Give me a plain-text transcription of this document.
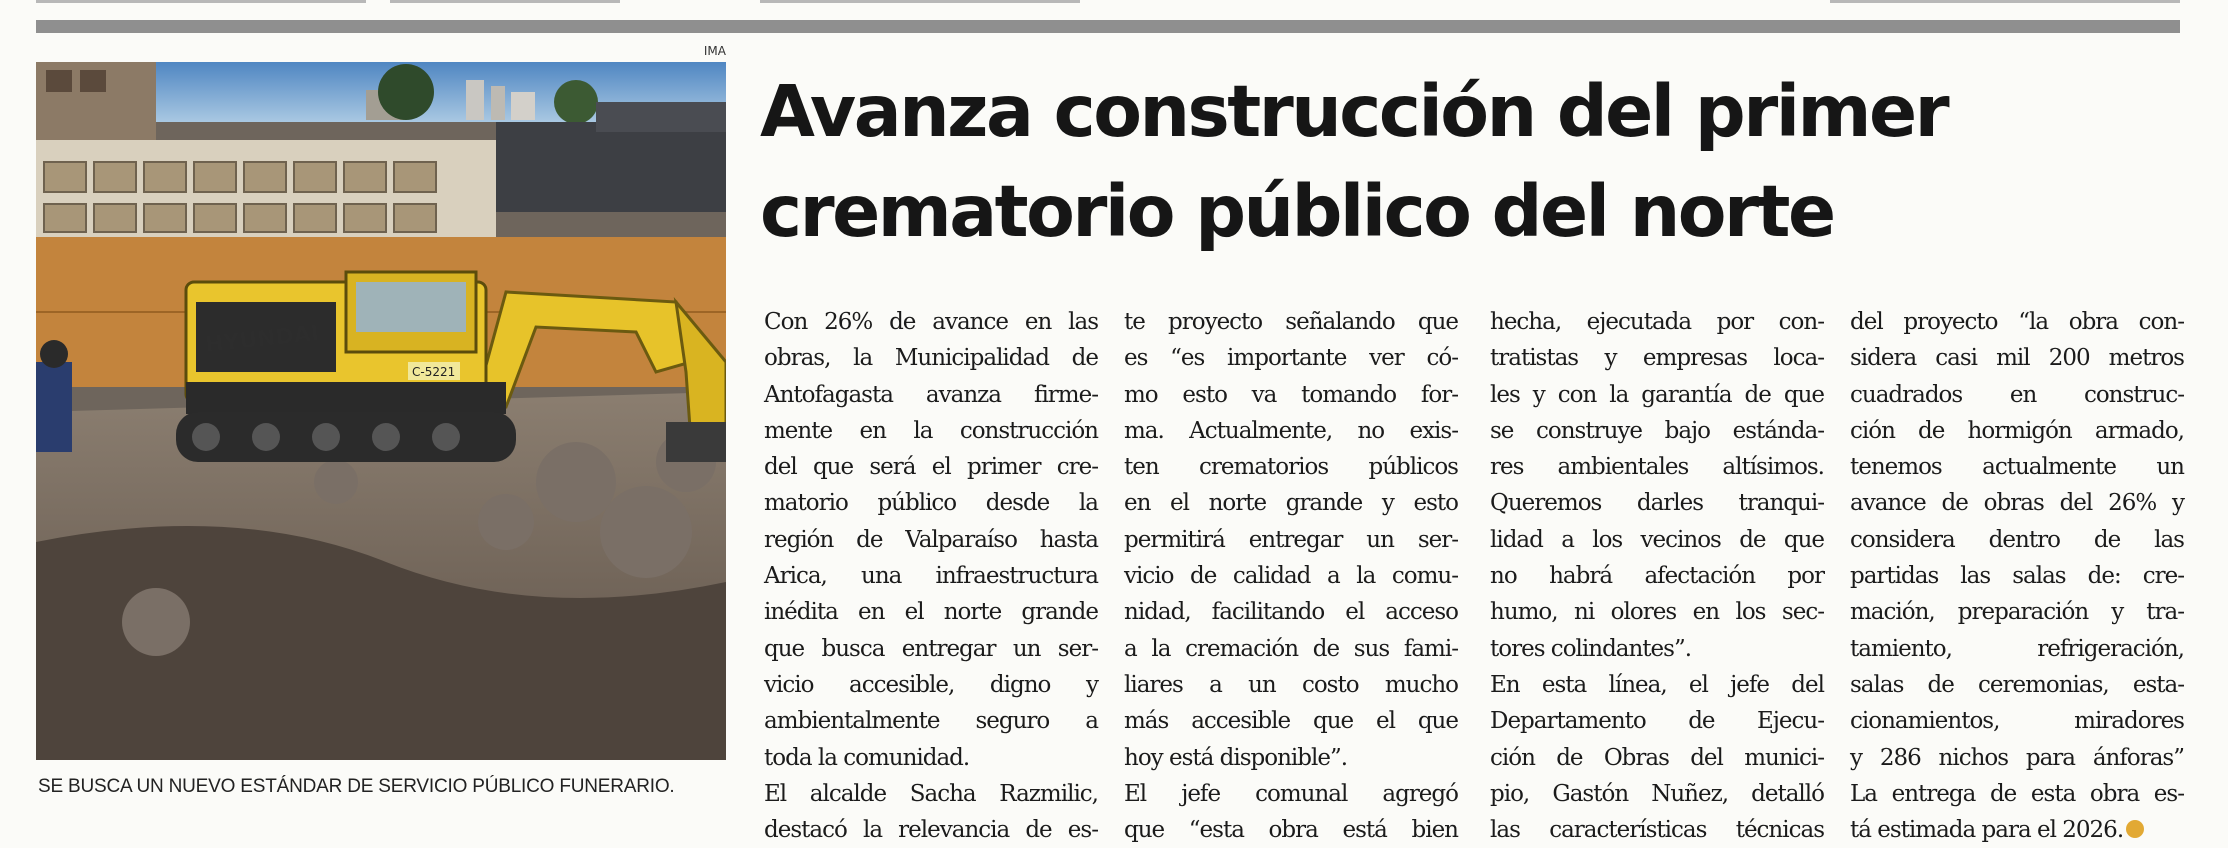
IMA
HYUNDAI
C-5221
SE BUSCA UN NUEVO ESTÁNDAR DE SERVICIO PÚBLICO FUNERARIO.
Avanza construcción del primer
crematorio público del norte

Con 26% de avance en las
obras, la Municipalidad de
Antofagasta avanza firme-
mente en la construcción
del que será el primer cre-
matorio público desde la
región de Valparaíso hasta
Arica, una infraestructura
inédita en el norte grande
que busca entregar un ser-
vicio accesible, digno y
ambientalmente seguro a
toda la comunidad.

El alcalde Sacha Razmilic,
destacó la relevancia de es-

te proyecto señalando que
es “es importante ver có-
mo esto va tomando for-
ma. Actualmente, no exis-
ten crematorios públicos
en el norte grande y esto
permitirá entregar un ser-
vicio de calidad a la comu-
nidad, facilitando el acceso
a la cremación de sus fami-
liares a un costo mucho
más accesible que el que
hoy está disponible”.

El jefe comunal agregó
que “esta obra está bien

hecha, ejecutada por con-
tratistas y empresas loca-
les y con la garantía de que
se construye bajo estánda-
res ambientales altísimos.
Queremos darles tranqui-
lidad a los vecinos de que
no habrá afectación por
humo, ni olores en los sec-
tores colindantes”.

En esta línea, el jefe del
Departamento de Ejecu-
ción de Obras del munici-
pio, Gastón Nuñez, detalló
las características técnicas

del proyecto “la obra con-
sidera casi mil 200 metros
cuadrados en construc-
ción de hormigón armado,
tenemos actualmente un
avance de obras del 26% y
considera dentro de las
partidas las salas de: cre-
mación, preparación y tra-
tamiento, refrigeración,
salas de ceremonias, esta-
cionamientos, miradores
y 286 nichos para ánforas”

La entrega de esta obra es-
tá estimada para el 2026.
